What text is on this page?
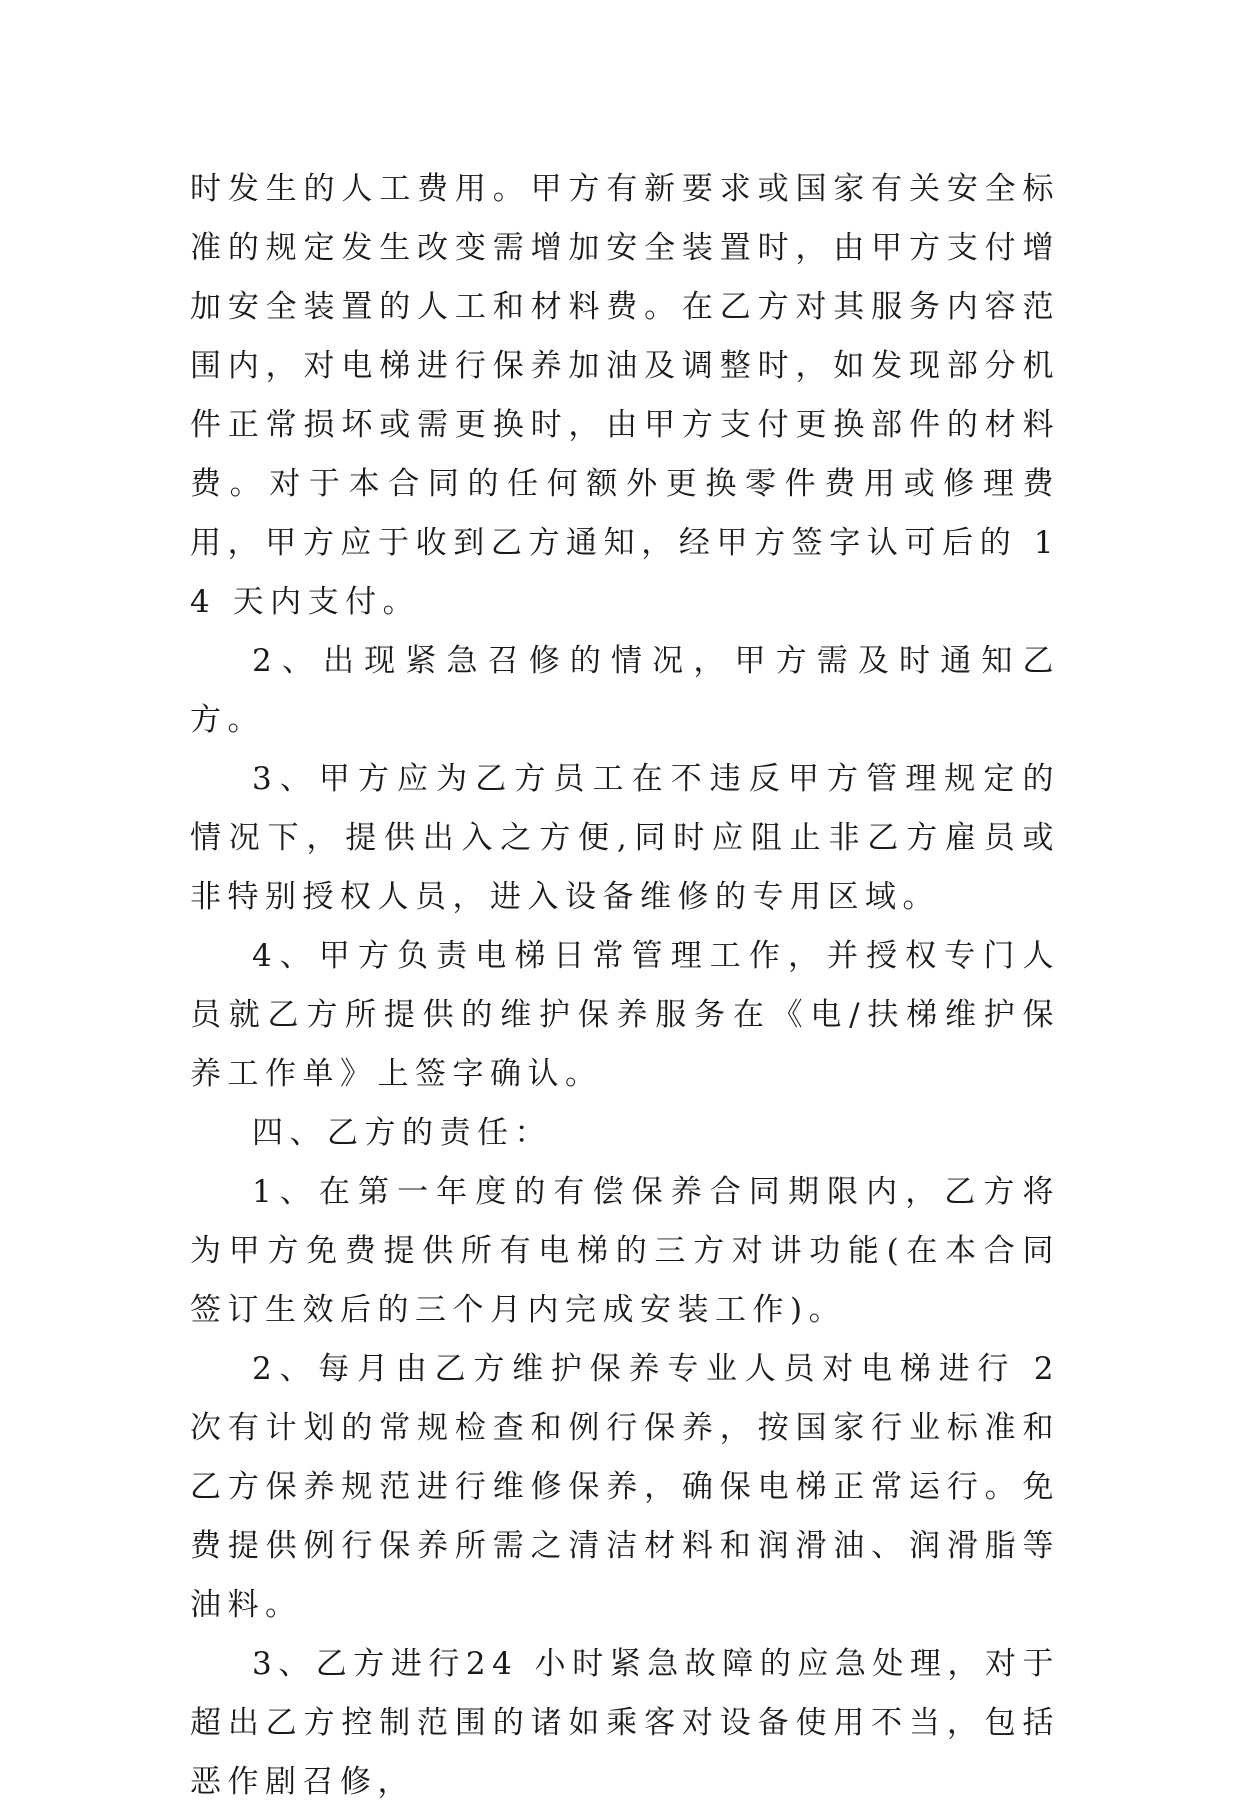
时发生的人工费用。甲方有新要求或国家有关安全标准的规定发生改变需增加安全装置时，由甲方支付增加安全装置的人工和材料费。在乙方对其服务内容范围内，对电梯进行保养加油及调整时，如发现部分机件正常损坏或需更换时，由甲方支付更换部件的材料费。对于本合同的任何额外更换零件费用或修理费用，甲方应于收到乙方通知，经甲方签字认可后的 14 天内支付。

2、出现紧急召修的情况，甲方需及时通知乙方。

3、甲方应为乙方员工在不违反甲方管理规定的情况下，提供出入之方便,同时应阻止非乙方雇员或非特别授权人员，进入设备维修的专用区域。

4、甲方负责电梯日常管理工作，并授权专门人员就乙方所提供的维护保养服务在《电/扶梯维护保养工作单》上签字确认。

四、乙方的责任：

1、在第一年度的有偿保养合同期限内，乙方将为甲方免费提供所有电梯的三方对讲功能(在本合同签订生效后的三个月内完成安装工作)。

2、每月由乙方维护保养专业人员对电梯进行 2 次有计划的常规检查和例行保养，按国家行业标准和乙方保养规范进行维修保养，确保电梯正常运行。免费提供例行保养所需之清洁材料和润滑油、润滑脂等油料。

3、乙方进行24 小时紧急故障的应急处理，对于超出乙方控制范围的诸如乘客对设备使用不当，包括恶作剧召修，
